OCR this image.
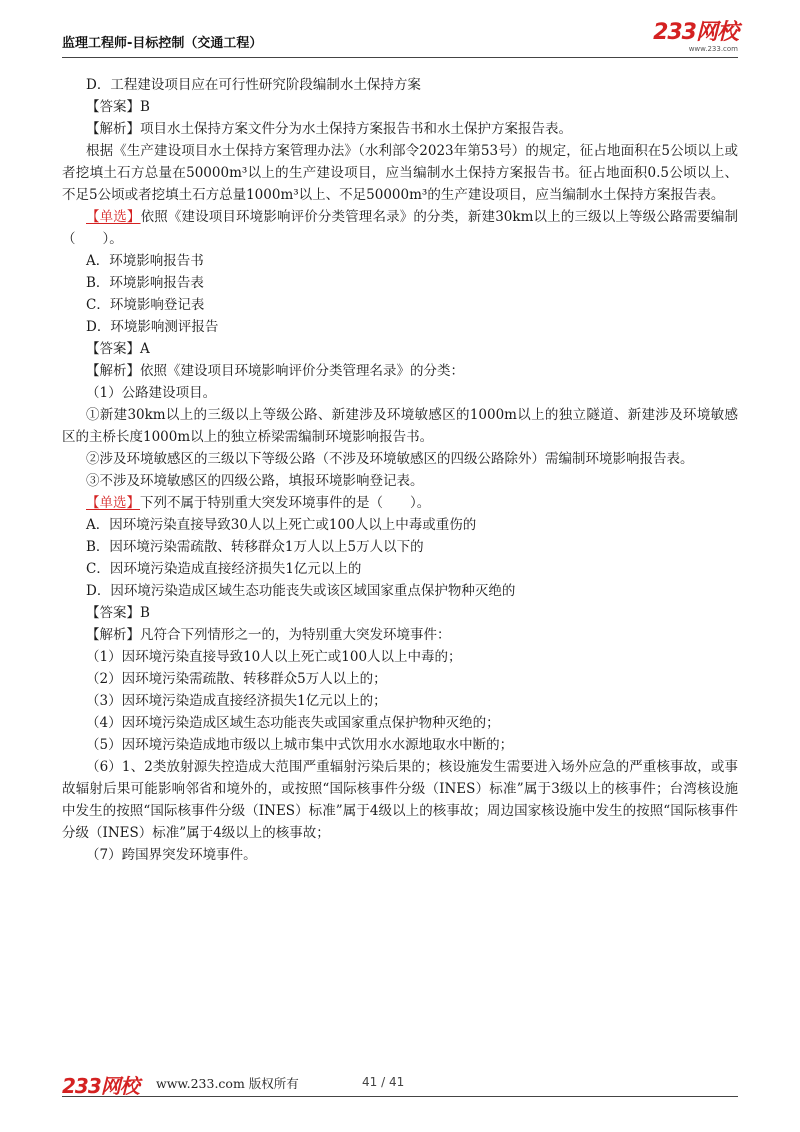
监理工程师-目标控制（交通工程）	233网校
www.233.com

D．工程建设项目应在可行性研究阶段编制水土保持方案

【答案】B

【解析】项目水土保持方案文件分为水土保持方案报告书和水土保护方案报告表。

根据《生产建设项目水土保持方案管理办法》（水利部令2023年第53号）的规定，征占地面积在5公顷以上或者挖填土石方总量在50000m³以上的生产建设项目，应当编制水土保持方案报告书。征占地面积0.5公顷以上、不足5公顷或者挖填土石方总量1000m³以上、不足50000m³的生产建设项目，应当编制水土保持方案报告表。

【单选】依照《建设项目环境影响评价分类管理名录》的分类，新建30km以上的三级以上等级公路需要编制（　　）。

A．环境影响报告书

B．环境影响报告表

C．环境影响登记表

D．环境影响测评报告

【答案】A

【解析】依照《建设项目环境影响评价分类管理名录》的分类：

（1）公路建设项目。

①新建30km以上的三级以上等级公路、新建涉及环境敏感区的1000m以上的独立隧道、新建涉及环境敏感区的主桥长度1000m以上的独立桥梁需编制环境影响报告书。

②涉及环境敏感区的三级以下等级公路（不涉及环境敏感区的四级公路除外）需编制环境影响报告表。

③不涉及环境敏感区的四级公路，填报环境影响登记表。

【单选】下列不属于特别重大突发环境事件的是（　　）。

A．因环境污染直接导致30人以上死亡或100人以上中毒或重伤的

B．因环境污染需疏散、转移群众1万人以上5万人以下的

C．因环境污染造成直接经济损失1亿元以上的

D．因环境污染造成区域生态功能丧失或该区域国家重点保护物种灭绝的

【答案】B

【解析】凡符合下列情形之一的，为特别重大突发环境事件：

（1）因环境污染直接导致10人以上死亡或100人以上中毒的；

（2）因环境污染需疏散、转移群众5万人以上的；

（3）因环境污染造成直接经济损失1亿元以上的；

（4）因环境污染造成区域生态功能丧失或国家重点保护物种灭绝的；

（5）因环境污染造成地市级以上城市集中式饮用水水源地取水中断的；

（6）1、2类放射源失控造成大范围严重辐射污染后果的；核设施发生需要进入场外应急的严重核事故，或事故辐射后果可能影响邻省和境外的，或按照“国际核事件分级（INES）标准”属于3级以上的核事件；台湾核设施中发生的按照“国际核事件分级（INES）标准”属于4级以上的核事故；周边国家核设施中发生的按照“国际核事件分级（INES）标准”属于4级以上的核事故；

（7）跨国界突发环境事件。

233网校 www.233.com 版权所有	41 / 41
